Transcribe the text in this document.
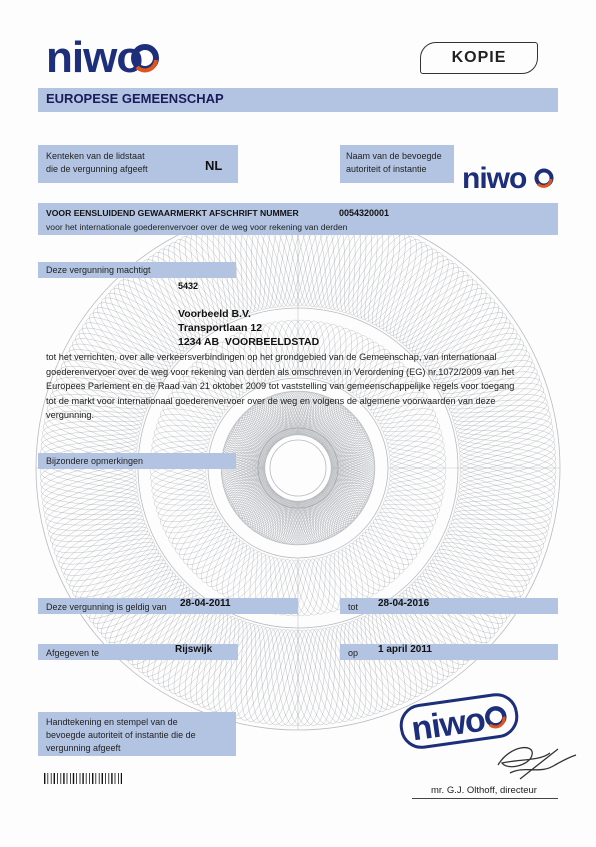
niwo	KOPIE
EUROPESE GEMEENSCHAP
Kenteken van de lidstaat
die de vergunning afgeeft	NL
Naam van de bevoegde
autoriteit of instantie niwo
VOOR EENSLUIDEND GEWAARMERKT AFSCHRIFT NUMMER	0054320001
voor het internationale goederenvervoer over de weg voor rekening van derden
Deze vergunning machtigt
5432
Voorbeeld B.V.
Transportlaan 12
1234 AB  VOORBEELDSTAD
tot het verrichten, over alle verkeersverbindingen op het grondgebied van de Gemeenschap, van internationaal
goederenvervoer over de weg voor rekening van derden als omschreven in Verordening (EG) nr.1072/2009 van het
Europees Parlement en de Raad van 21 oktober 2009 tot vaststelling van gemeenschappelijke regels voor toegang
tot de markt voor internationaal goederenvervoer over de weg en volgens de algemene voorwaarden van deze
vergunning.
Bijzondere opmerkingen
Deze vergunning is geldig van 28-04-2011	tot 28-04-2016
Afgegeven te	Rijswijk	op 1 april 2011
Handtekening en stempel van de
bevoegde autoriteit of instantie die de
vergunning afgeeft	niwo
mr. G.J. Olthoff, directeur
